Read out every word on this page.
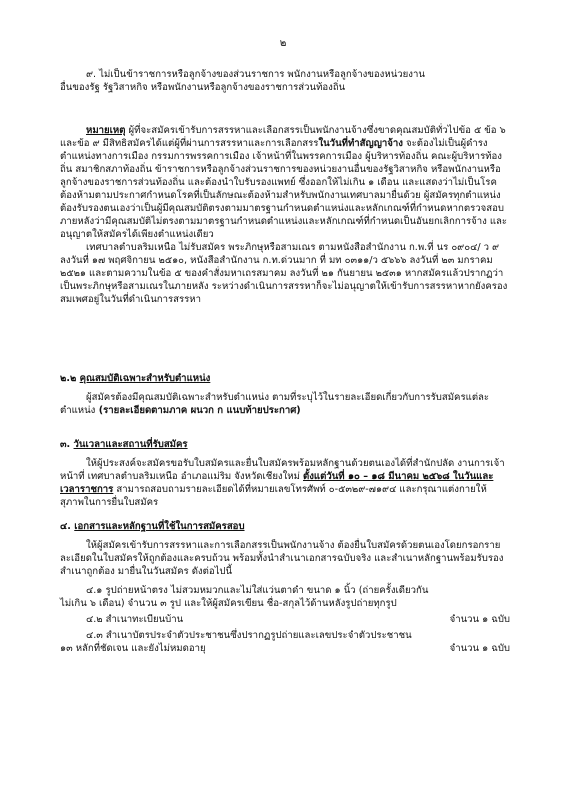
๒

๙. ไม่เป็นข้าราชการหรือลูกจ้างของส่วนราชการ พนักงานหรือลูกจ้างของหน่วยงาน

อื่นของรัฐ รัฐวิสาหกิจ หรือพนักงานหรือลูกจ้างของราชการส่วนท้องถิ่น

หมายเหตุ ผู้ที่จะสมัครเข้ารับการสรรหาและเลือกสรรเป็นพนักงานจ้างซึ่งขาดคุณสมบัติทั่วไปข้อ ๕ ข้อ ๖ และข้อ ๙ มีสิทธิสมัครได้แต่ผู้ที่ผ่านการสรรหาและการเลือกสรรในวันที่ทำสัญญาจ้าง จะต้องไม่เป็นผู้ดำรงตำแหน่งทางการเมือง กรรมการพรรคการเมือง เจ้าหน้าที่ในพรรคการเมือง ผู้บริหารท้องถิ่น คณะผู้บริหารท้องถิ่น สมาชิกสภาท้องถิ่น ข้าราชการหรือลูกจ้างส่วนราชการของหน่วยงานอื่นของรัฐวิสาหกิจ หรือพนักงานหรือลูกจ้างของราชการส่วนท้องถิ่น และต้องนำใบรับรองแพทย์ ซึ่งออกให้ไม่เกิน ๑ เดือน และแสดงว่าไม่เป็นโรคต้องห้ามตามประกาศกำหนดโรคที่เป็นลักษณะต้องห้ามสำหรับพนักงานเทศบาลมายื่นด้วย ผู้สมัครทุกตำแหน่งต้องรับรองตนเองว่าเป็นผู้มีคุณสมบัติตรงตามมาตรฐานกำหนดตำแหน่งและหลักเกณฑ์ที่กำหนดหากตรวจสอบภายหลังว่ามีคุณสมบัติไม่ตรงตามมาตรฐานกำหนดตำแหน่งและหลักเกณฑ์ที่กำหนดเป็นอันยกเลิกการจ้าง และอนุญาตให้สมัครได้เพียงตำแหน่งเดียว

เทศบาลตำบลริมเหนือ ไม่รับสมัคร พระภิกษุหรือสามเณร ตามหนังสือสำนักงาน ก.พ.ที่ นร ๐๙๐๔/ ว ๙ ลงวันที่ ๑๗ พฤศจิกายน ๒๕๑๐, หนังสือสำนักงาน ก.ท.ด่วนมาก ที่ มท ๐๓๑๑/ว ๕๖๖๖ ลงวันที่ ๒๓ มกราคม ๒๕๒๑ และตามความในข้อ ๕ ของคำสั่งมหาเถรสมาคม ลงวันที่ ๒๑ กันยายน ๒๕๓๑ หากสมัครแล้วปรากฏว่าเป็นพระภิกษุหรือสามเณรในภายหลัง ระหว่างดำเนินการสรรหาก็จะไม่อนุญาตให้เข้ารับการสรรหาหากยังครองสมเพศอยู่ในวันที่ดำเนินการสรรหา

๒.๒ คุณสมบัติเฉพาะสำหรับตำแหน่ง

ผู้สมัครต้องมีคุณสมบัติเฉพาะสำหรับตำแหน่ง ตามที่ระบุไว้ในรายละเอียดเกี่ยวกับการรับสมัครแต่ละตำแหน่ง (รายละเอียดตามภาค ผนวก ก แนบท้ายประกาศ)

๓. วันเวลาและสถานที่รับสมัคร

ให้ผู้ประสงค์จะสมัครขอรับใบสมัครและยื่นใบสมัครพร้อมหลักฐานด้วยตนเองได้ที่สำนักปลัด งานการเจ้าหน้าที่ เทศบาลตำบลริมเหนือ อำเภอแม่ริม จังหวัดเชียงใหม่ ตั้งแต่วันที่ ๑๐ – ๑๘ มีนาคม ๒๕๖๘ ในวันและเวลาราชการ สามารถสอบถามรายละเอียดได้ที่หมายเลขโทรศัพท์ ๐-๕๓๒๙-๗๑๙๔ และกรุณาแต่งกายให้สุภาพในการยื่นใบสมัคร

๔. เอกสารและหลักฐานที่ใช้ในการสมัครสอบ

ให้ผู้สมัครเข้ารับการสรรหาและการเลือกสรรเป็นพนักงานจ้าง ต้องยื่นใบสมัครด้วยตนเองโดยกรอกรายละเอียดในใบสมัครให้ถูกต้องและครบถ้วน พร้อมทั้งนำสำเนาเอกสารฉบับจริง และสำเนาหลักฐานพร้อมรับรองสำเนาถูกต้อง มายื่นในวันสมัคร ดังต่อไปนี้

๔.๑ รูปถ่ายหน้าตรง ไม่สวมหมวกและไม่ใส่แว่นตาดำ ขนาด ๑ นิ้ว (ถ่ายครั้งเดียวกัน

ไม่เกิน ๖ เดือน) จำนวน ๓ รูป และให้ผู้สมัครเขียน ชื่อ-สกุลไว้ด้านหลังรูปถ่ายทุกรูป

๔.๒ สำเนาทะเบียนบ้าน	จำนวน ๑ ฉบับ

๔.๓ สำเนาบัตรประจำตัวประชาชนซึ่งปรากฏรูปถ่ายและเลขประจำตัวประชาชน

๑๓ หลักที่ชัดเจน และยังไม่หมดอายุ	จำนวน ๑ ฉบับ
